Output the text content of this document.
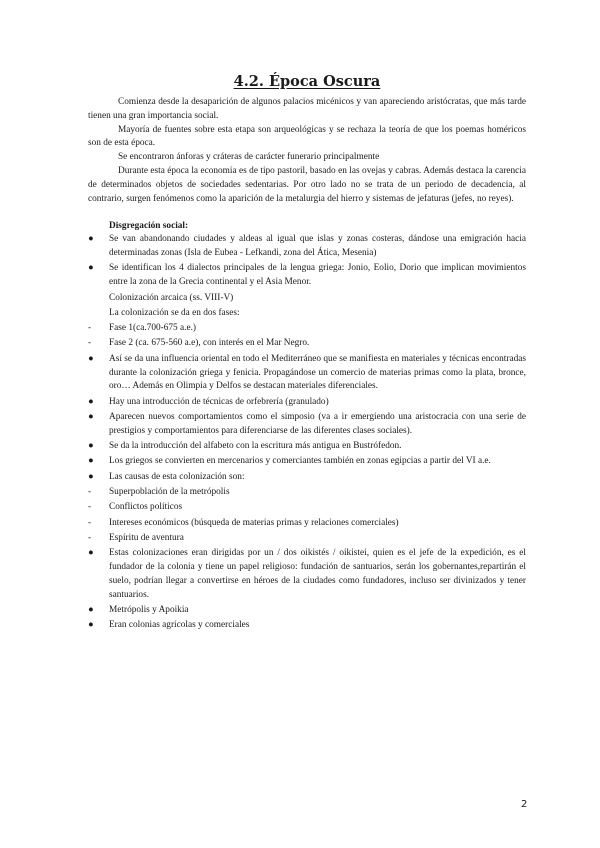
4.2. Época Oscura

Comienza desde la desaparición de algunos palacios micénicos y van apareciendo aristócratas, que más tarde tienen una gran importancia social.

Mayoría de fuentes sobre esta etapa son arqueológicas y se rechaza la teoría de que los poemas homéricos son de esta época.

Se encontraron ánforas y cráteras de carácter funerario principalmente

Durante esta época la economía es de tipo pastoril, basado en las ovejas y cabras. Además destaca la carencia de determinados objetos de sociedades sedentarias. Por otro lado no se trata de un periodo de decadencia, al contrario, surgen fenómenos como la aparición de la metalurgia del hierro y sistemas de jefaturas (jefes, no reyes).

Disgregación social:
●	Se van abandonando ciudades y aldeas al igual que islas y zonas costeras, dándose una emigración hacia determinadas zonas (Isla de Eubea - Lefkandi, zona del Ática, Mesenia)
●	Se identifican los 4 dialectos principales de la lengua griega: Jonio, Eolio, Dorio que implican movimientos entre la zona de la Grecia continental y el Asia Menor.
Colonización arcaica (ss. VIII-V)
La colonización se da en dos fases:
-	Fase 1(ca.700-675 a.e.)
-	Fase 2 (ca. 675-560 a.e), con interés en el Mar Negro.
●	Así se da una influencia oriental en todo el Mediterráneo que se manifiesta en materiales y técnicas encontradas durante la colonización griega y fenicia. Propagándose un comercio de materias primas como la plata, bronce, oro… Además en Olimpia y Delfos se destacan materiales diferenciales.
●	Hay una introducción de técnicas de orfebrería (granulado)
●	Aparecen nuevos comportamientos como el simposio (va a ir emergiendo una aristocracia con una serie de prestigios y comportamientos para diferenciarse de las diferentes clases sociales).
●	Se da la introducción del alfabeto con la escritura más antigua en Bustrófedon.
●	Los griegos se convierten en mercenarios y comerciantes también en zonas egipcias a partir del VI a.e.
●	Las causas de esta colonización son:
-	Superpoblación de la metrópolis
-	Conflictos políticos
-	Intereses económicos (búsqueda de materias primas y relaciones comerciales)
-	Espíritu de aventura
●	Estas colonizaciones eran dirigidas por un / dos oikistés / oikistei, quien es el jefe de la expedición, es el fundador de la colonia y tiene un papel religioso: fundación de santuarios, serán los gobernantes,repartirán el suelo, podrían llegar a convertirse en héroes de la ciudades como fundadores, incluso ser divinizados y tener santuarios.
●	Metrópolis y Apoikia
●	Eran colonias agrícolas y comerciales
2
